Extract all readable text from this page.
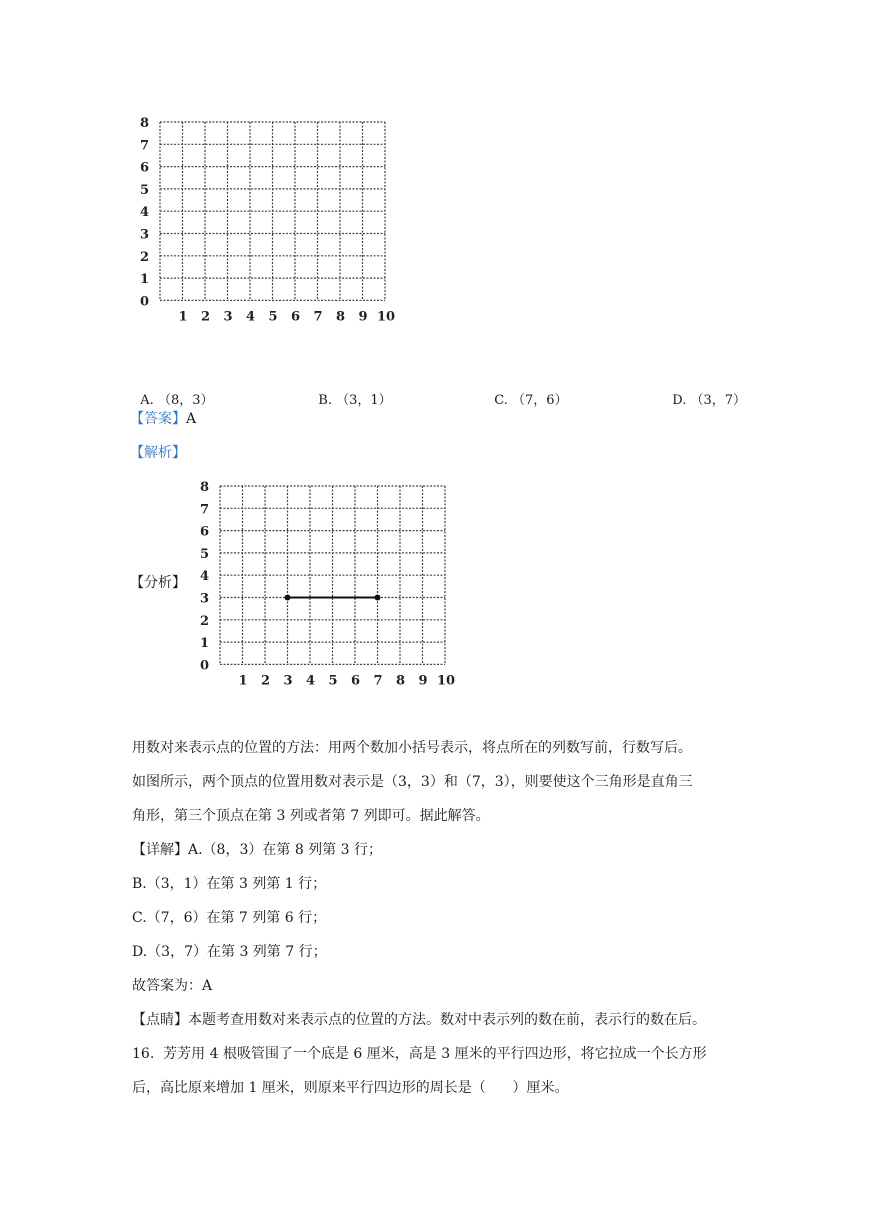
0
1
2
3
4
5
6
7
8
1 2 3 4 5 6 7 8 9 10

A. （8，3）	B. （3，1）	C. （7，6）	D. （3，7）

【答案】A
【解析】
【分析】
0
1
2
3
4
5
6
7
8
1 2 3 4 5 6 7 8 9 10
用数对来表示点的位置的方法：用两个数加小括号表示，将点所在的列数写前，行数写后。
如图所示，两个顶点的位置用数对表示是（3，3）和（7，3），则要使这个三角形是直角三
角形，第三个顶点在第 3 列或者第 7 列即可。据此解答。
【详解】A.（8，3）在第 8 列第 3 行；
B.（3，1）在第 3 列第 1 行；
C.（7，6）在第 7 列第 6 行；
D.（3，7）在第 3 列第 7 行；
故答案为：A
【点睛】本题考查用数对来表示点的位置的方法。数对中表示列的数在前，表示行的数在后。
16.  芳芳用 4 根吸管围了一个底是 6 厘米，高是 3 厘米的平行四边形，将它拉成一个长方形
后，高比原来增加 1 厘米，则原来平行四边形的周长是（      ）厘米。
